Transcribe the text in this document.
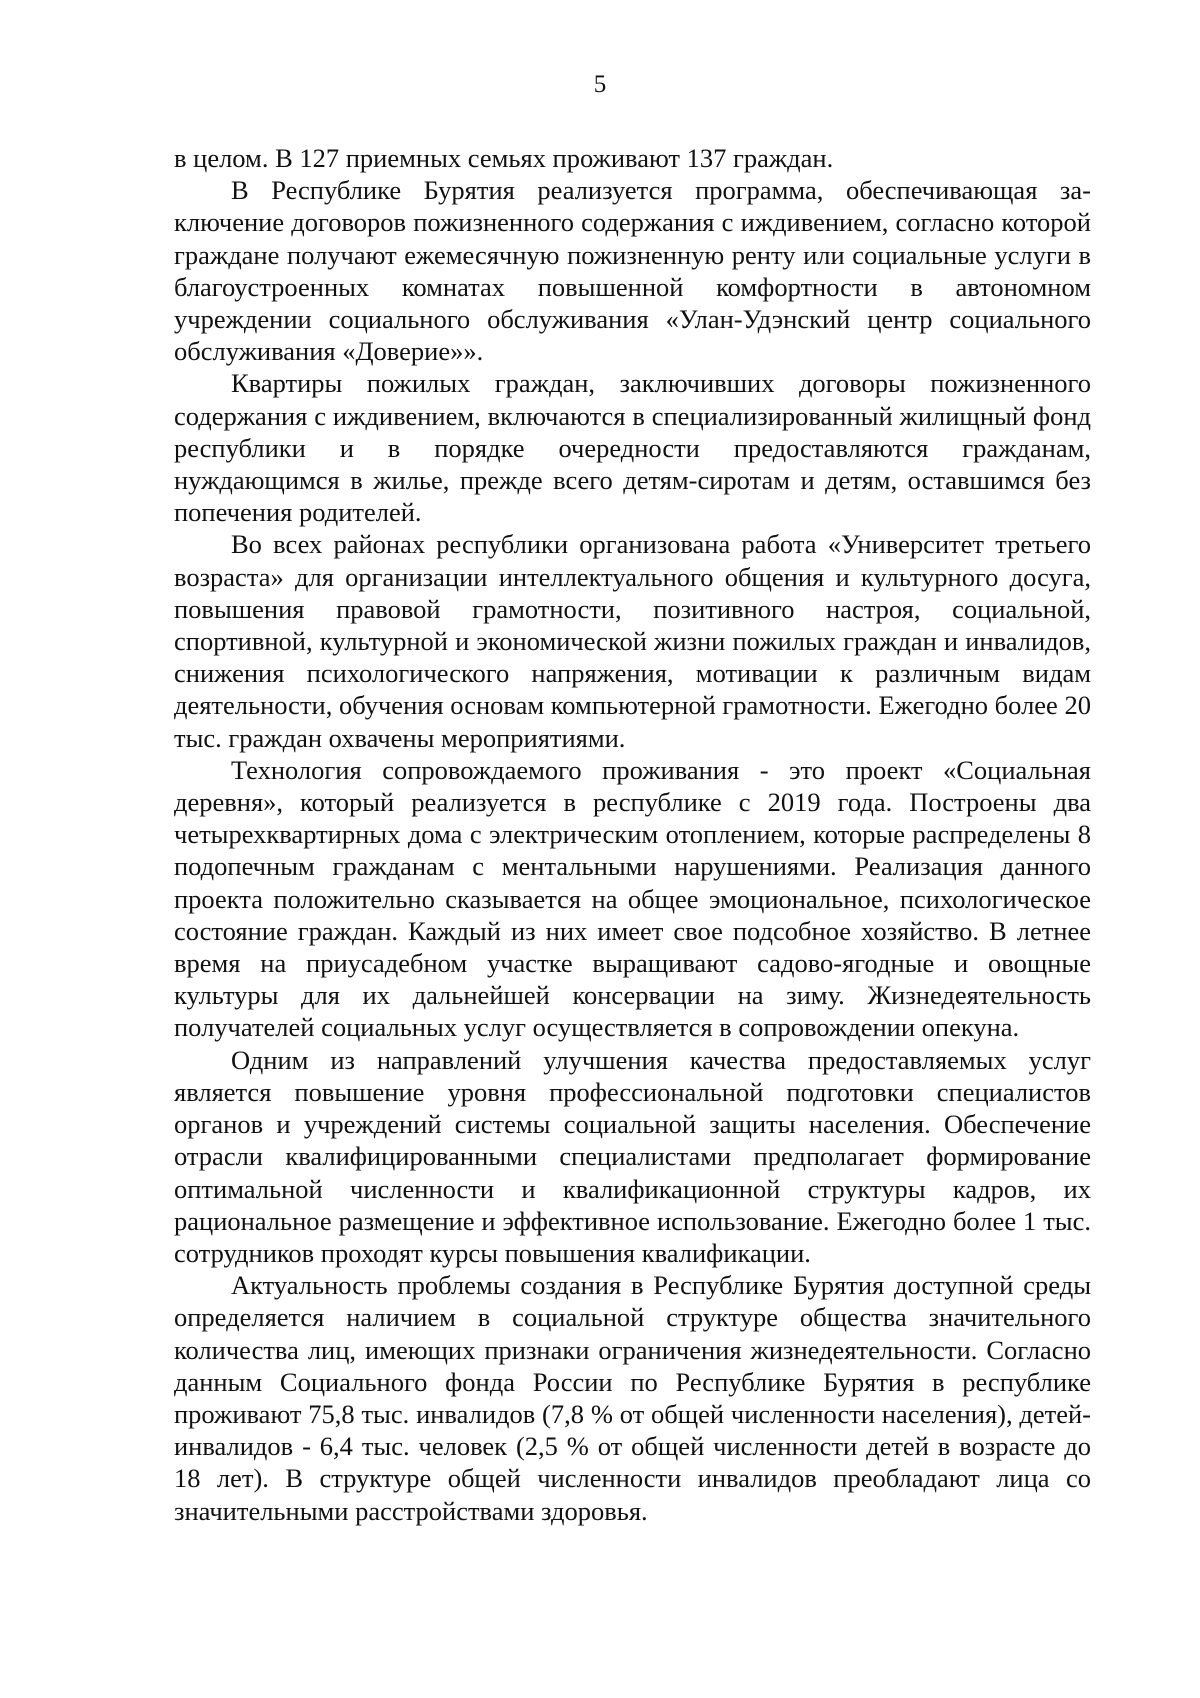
5

в целом. В 127 приемных семьях проживают 137 граждан.

В Республике Бурятия реализуется программа, обеспечивающая заключение договоров пожизненного содержания с иждивением, согласно которой граждане получают ежемесячную пожизненную ренту или социальные услуги в благоустроенных комнатах повышенной комфортности в автономном учреждении социального обслуживания «Улан-Удэнский центр социального обслуживания «Доверие»».

Квартиры пожилых граждан, заключивших договоры пожизненного содержания с иждивением, включаются в специализированный жилищный фонд республики и в порядке очередности предоставляются гражданам, нуждающимся в жилье, прежде всего детям-сиротам и детям, оставшимся без попечения родителей.

Во всех районах республики организована работа «Университет третьего возраста» для организации интеллектуального общения и культурного досуга, повышения правовой грамотности, позитивного настроя, социальной, спортивной, культурной и экономической жизни пожилых граждан и инвалидов, снижения психологического напряжения, мотивации к различным видам деятельности, обучения основам компьютерной грамотности. Ежегодно более 20 тыс. граждан охвачены мероприятиями.

Технология сопровождаемого проживания - это проект «Социальная деревня», который реализуется в республике с 2019 года. Построены два четырехквартирных дома с электрическим отоплением, которые распределены 8 подопечным гражданам с ментальными нарушениями. Реализация данного проекта положительно сказывается на общее эмоциональное, психологическое состояние граждан. Каждый из них имеет свое подсобное хозяйство. В летнее время на приусадебном участке выращивают садово-ягодные и овощные культуры для их дальнейшей консервации на зиму. Жизнедеятельность получателей социальных услуг осуществляется в сопровождении опекуна.

Одним из направлений улучшения качества предоставляемых услуг является повышение уровня профессиональной подготовки специалистов органов и учреждений системы социальной защиты населения. Обеспечение отрасли квалифицированными специалистами предполагает формирование оптимальной численности и квалификационной структуры кадров, их рациональное размещение и эффективное использование. Ежегодно более 1 тыс. сотрудников проходят курсы повышения квалификации.

Актуальность проблемы создания в Республике Бурятия доступной среды определяется наличием в социальной структуре общества значительного количества лиц, имеющих признаки ограничения жизнедеятельности. Согласно данным Социального фонда России по Республике Бурятия в республике проживают 75,8 тыс. инвалидов (7,8 % от общей численности населения), детей-инвалидов - 6,4 тыс. человек (2,5 % от общей численности детей в возрасте до 18 лет). В структуре общей численности инвалидов преобладают лица со значительными расстройствами здоровья.
